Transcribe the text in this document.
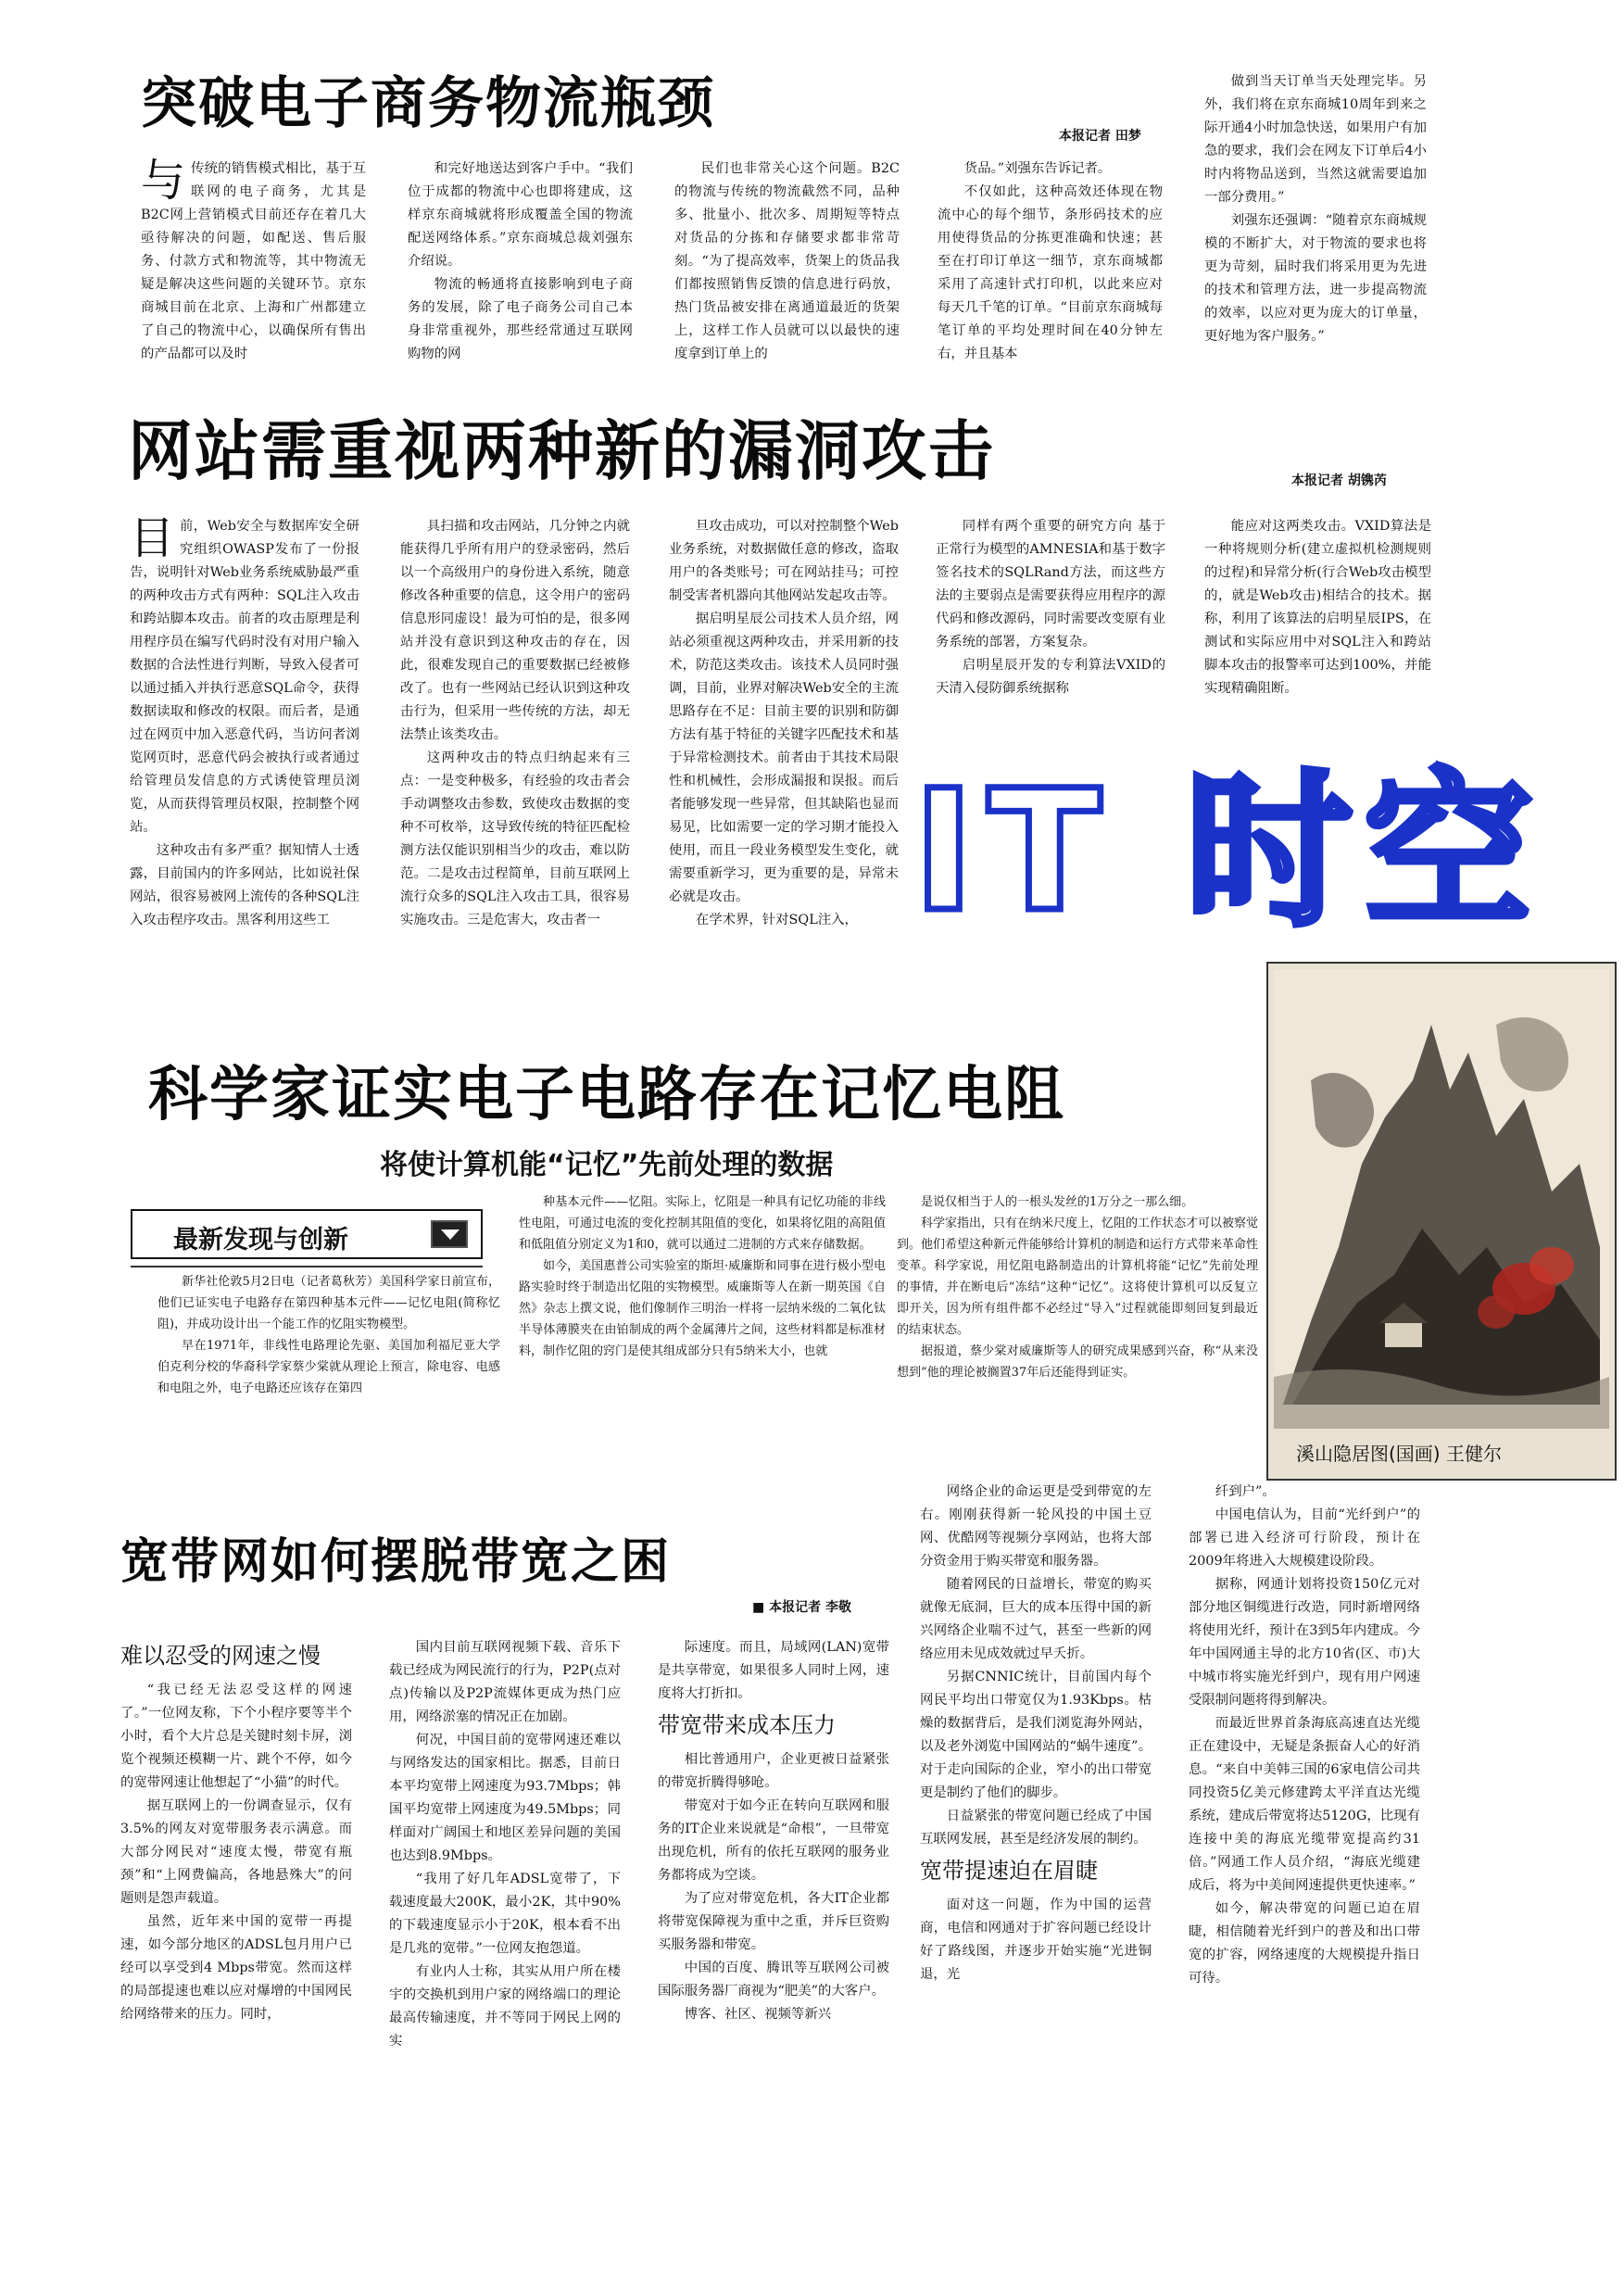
突破电子商务物流瓶颈	本报记者 田梦

与传统的销售模式相比，基于互联网的电子商务，尤其是B2C网上营销模式目前还存在着几大亟待解决的问题，如配送、售后服务、付款方式和物流等，其中物流无疑是解决这些问题的关键环节。京东商城目前在北京、上海和广州都建立了自己的物流中心，以确保所有售出的产品都可以及时

和完好地送达到客户手中。“我们位于成都的物流中心也即将建成，这样京东商城就将形成覆盖全国的物流配送网络体系。”京东商城总裁刘强东介绍说。

物流的畅通将直接影响到电子商务的发展，除了电子商务公司自己本身非常重视外，那些经常通过互联网购物的网

民们也非常关心这个问题。B2C的物流与传统的物流截然不同，品种多、批量小、批次多、周期短等特点对货品的分拣和存储要求都非常苛刻。“为了提高效率，货架上的货品我们都按照销售反馈的信息进行码放，热门货品被安排在离通道最近的货架上，这样工作人员就可以以最快的速度拿到订单上的

货品。”刘强东告诉记者。

不仅如此，这种高效还体现在物流中心的每个细节，条形码技术的应用使得货品的分拣更准确和快速；甚至在打印订单这一细节，京东商城都采用了高速针式打印机，以此来应对每天几千笔的订单。“目前京东商城每笔订单的平均处理时间在40分钟左右，并且基本

做到当天订单当天处理完毕。另外，我们将在京东商城10周年到来之际开通4小时加急快送，如果用户有加急的要求，我们会在网友下订单后4小时内将物品送到，当然这就需要追加一部分费用。”

刘强东还强调：“随着京东商城规模的不断扩大，对于物流的要求也将更为苛刻，届时我们将采用更为先进的技术和管理方法，进一步提高物流的效率，以应对更为庞大的订单量，更好地为客户服务。”

网站需重视两种新的漏洞攻击	本报记者 胡镌芮

目前，Web安全与数据库安全研究组织OWASP发布了一份报告，说明针对Web业务系统威胁最严重的两种攻击方式有两种：SQL注入攻击和跨站脚本攻击。前者的攻击原理是利用程序员在编写代码时没有对用户输入数据的合法性进行判断，导致入侵者可以通过插入并执行恶意SQL命令，获得数据读取和修改的权限。而后者，是通过在网页中加入恶意代码，当访问者浏览网页时，恶意代码会被执行或者通过给管理员发信息的方式诱使管理员浏览，从而获得管理员权限，控制整个网站。

这种攻击有多严重？据知情人士透露，目前国内的许多网站，比如说社保网站，很容易被网上流传的各种SQL注入攻击程序攻击。黑客利用这些工

具扫描和攻击网站，几分钟之内就能获得几乎所有用户的登录密码，然后以一个高级用户的身份进入系统，随意修改各种重要的信息，这令用户的密码信息形同虚设！最为可怕的是，很多网站并没有意识到这种攻击的存在，因此，很难发现自己的重要数据已经被修改了。也有一些网站已经认识到这种攻击行为，但采用一些传统的方法，却无法禁止该类攻击。

这两种攻击的特点归纳起来有三点：一是变种极多，有经验的攻击者会手动调整攻击参数，致使攻击数据的变种不可枚举，这导致传统的特征匹配检测方法仅能识别相当少的攻击，难以防范。二是攻击过程简单，目前互联网上流行众多的SQL注入攻击工具，很容易实施攻击。三是危害大，攻击者一

旦攻击成功，可以对控制整个Web业务系统，对数据做任意的修改，盗取用户的各类账号；可在网站挂马；可控制受害者机器向其他网站发起攻击等。

据启明星辰公司技术人员介绍，网站必须重视这两种攻击，并采用新的技术，防范这类攻击。该技术人员同时强调，目前，业界对解决Web安全的主流思路存在不足：目前主要的识别和防御方法有基于特征的关键字匹配技术和基于异常检测技术。前者由于其技术局限性和机械性，会形成漏报和误报。而后者能够发现一些异常，但其缺陷也显而易见，比如需要一定的学习期才能投入使用，而且一段业务模型发生变化，就需要重新学习，更为重要的是，异常未必就是攻击。

在学术界，针对SQL注入，

同样有两个重要的研究方向 基于正常行为模型的AMNESIA和基于数字签名技术的SQLRand方法，而这些方法的主要弱点是需要获得应用程序的源代码和修改源码，同时需要改变原有业务系统的部署，方案复杂。

启明星辰开发的专利算法VXID的天清入侵防御系统据称

能应对这两类攻击。VXID算法是一种将规则分析(建立虚拟机检测规则的过程)和异常分析(行合Web攻击模型的，就是Web攻击)相结合的技术。据称，利用了该算法的启明星辰IPS，在测试和实际应用中对SQL注入和跨站脚本攻击的报警率可达到100%，并能实现精确阻断。

IT 时空
科学家证实电子电路存在记忆电阻
将使计算机能“记忆”先前处理的数据
最新发现与创新

新华社伦敦5月2日电（记者葛秋芳）美国科学家日前宣布，他们已证实电子电路存在第四种基本元件——记忆电阻(简称忆阻)，并成功设计出一个能工作的忆阻实物模型。

早在1971年，非线性电路理论先驱、美国加利福尼亚大学伯克利分校的华裔科学家蔡少棠就从理论上预言，除电容、电感和电阻之外，电子电路还应该存在第四

种基本元件——忆阻。实际上，忆阻是一种具有记忆功能的非线性电阻，可通过电流的变化控制其阻值的变化，如果将忆阻的高阻值和低阻值分别定义为1和0，就可以通过二进制的方式来存储数据。

如今，美国惠普公司实验室的斯坦·威廉斯和同事在进行极小型电路实验时终于制造出忆阻的实物模型。威廉斯等人在新一期英国《自然》杂志上撰文说，他们像制作三明治一样将一层纳米级的二氧化钛半导体薄膜夹在由铂制成的两个金属薄片之间，这些材料都是标准材料，制作忆阻的窍门是使其组成部分只有5纳米大小，也就

是说仅相当于人的一根头发丝的1万分之一那么细。

科学家指出，只有在纳米尺度上，忆阻的工作状态才可以被察觉到。他们希望这种新元件能够给计算机的制造和运行方式带来革命性变革。科学家说，用忆阻电路制造出的计算机将能“记忆”先前处理的事情，并在断电后“冻结”这种“记忆”。这将使计算机可以反复立即开关，因为所有组件都不必经过“导入”过程就能即刻回复到最近的结束状态。

据报道，蔡少棠对威廉斯等人的研究成果感到兴奋，称“从来没想到”他的理论被搁置37年后还能得到证实。

溪山隐居图(国画) 王健尔
宽带网如何摆脱带宽之困
■ 本报记者 李敬
难以忍受的网速之慢

“我已经无法忍受这样的网速了。”一位网友称，下个小程序要等半个小时，看个大片总是关键时刻卡屏，浏览个视频还模糊一片、跳个不停，如今的宽带网速让他想起了“小猫”的时代。

据互联网上的一份调查显示，仅有3.5%的网友对宽带服务表示满意。而大部分网民对“速度太慢，带宽有瓶颈”和“上网费偏高，各地悬殊大”的问题则是怨声载道。

虽然，近年来中国的宽带一再提速，如今部分地区的ADSL包月用户已经可以享受到4 Mbps带宽。然而这样的局部提速也难以应对爆增的中国网民给网络带来的压力。同时，

国内目前互联网视频下载、音乐下载已经成为网民流行的行为，P2P(点对点)传输以及P2P流媒体更成为热门应用，网络淤塞的情况正在加剧。

何况，中国目前的宽带网速还难以与网络发达的国家相比。据悉，目前日本平均宽带上网速度为93.7Mbps；韩国平均宽带上网速度为49.5Mbps；同样面对广阔国土和地区差异问题的美国也达到8.9Mbps。

“我用了好几年ADSL宽带了，下载速度最大200K，最小2K，其中90%的下载速度显示小于20K，根本看不出是几兆的宽带。”一位网友抱怨道。

有业内人士称，其实从用户所在楼宇的交换机到用户家的网络端口的理论最高传输速度，并不等同于网民上网的实

际速度。而且，局域网(LAN)宽带是共享带宽，如果很多人同时上网，速度将大打折扣。

带宽带来成本压力

相比普通用户，企业更被日益紧张的带宽折腾得够呛。

带宽对于如今正在转向互联网和服务的IT企业来说就是“命根”，一旦带宽出现危机，所有的依托互联网的服务业务都将成为空谈。

为了应对带宽危机，各大IT企业都将带宽保障视为重中之重，并斥巨资购买服务器和带宽。

中国的百度、腾讯等互联网公司被国际服务器厂商视为“肥美”的大客户。

博客、社区、视频等新兴

网络企业的命运更是受到带宽的左右。刚刚获得新一轮风投的中国土豆网、优酷网等视频分享网站，也将大部分资金用于购买带宽和服务器。

随着网民的日益增长，带宽的购买就像无底洞，巨大的成本压得中国的新兴网络企业喘不过气，甚至一些新的网络应用未见成效就过早夭折。

另据CNNIC统计，目前国内每个网民平均出口带宽仅为1.93Kbps。枯燥的数据背后，是我们浏览海外网站，以及老外浏览中国网站的“蜗牛速度”。对于走向国际的企业，窄小的出口带宽更是制约了他们的脚步。

日益紧张的带宽问题已经成了中国互联网发展，甚至是经济发展的制约。

宽带提速迫在眉睫

面对这一问题，作为中国的运营商，电信和网通对于扩容问题已经设计好了路线图，并逐步开始实施“光进铜退，光

纤到户”。

中国电信认为，目前“光纤到户”的部署已进入经济可行阶段，预计在2009年将进入大规模建设阶段。

据称，网通计划将投资150亿元对部分地区铜缆进行改造，同时新增网络将使用光纤，预计在3到5年内建成。今年中国网通主导的北方10省(区、市)大中城市将实施光纤到户，现有用户网速受限制问题将得到解决。

而最近世界首条海底高速直达光缆正在建设中，无疑是条振奋人心的好消息。“来自中美韩三国的6家电信公司共同投资5亿美元修建跨太平洋直达光缆系统，建成后带宽将达5120G，比现有连接中美的海底光缆带宽提高约31倍。”网通工作人员介绍，“海底光缆建成后，将为中美间网速提供更快速率。”

如今，解决带宽的问题已迫在眉睫，相信随着光纤到户的普及和出口带宽的扩容，网络速度的大规模提升指日可待。
